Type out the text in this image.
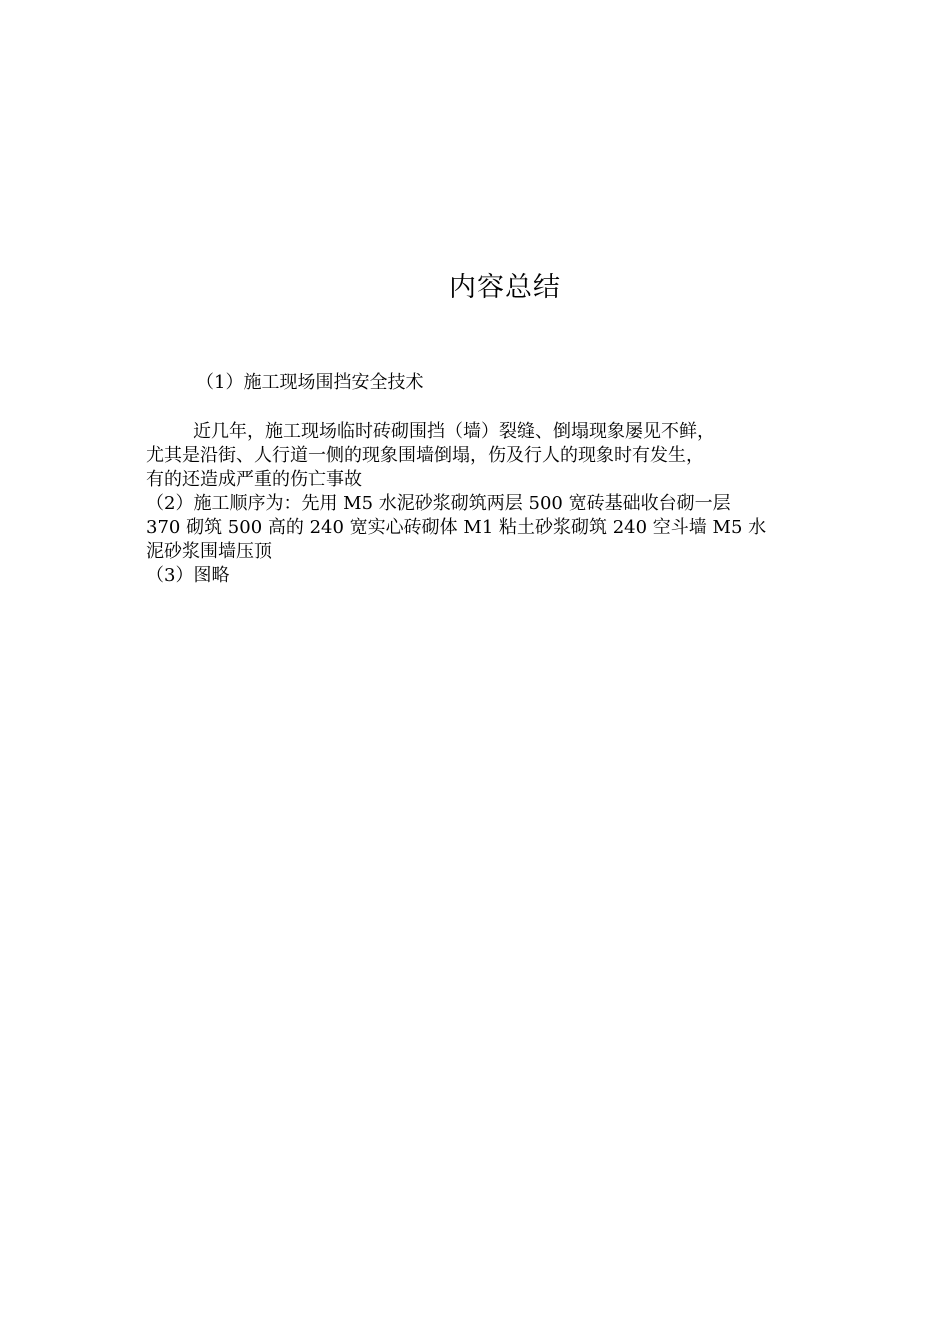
内容总结
（1）施工现场围挡安全技术
近几年，施工现场临时砖砌围挡（墙）裂缝、倒塌现象屡见不鲜，
尤其是沿街、人行道一侧的现象围墙倒塌，伤及行人的现象时有发生，
有的还造成严重的伤亡事故
（2）施工顺序为：先用 M5 水泥砂浆砌筑两层 500 宽砖基础收台砌一层
370 砌筑 500 高的 240 宽实心砖砌体 M1 粘土砂浆砌筑 240 空斗墙 M5 水
泥砂浆围墙压顶
（3）图略
